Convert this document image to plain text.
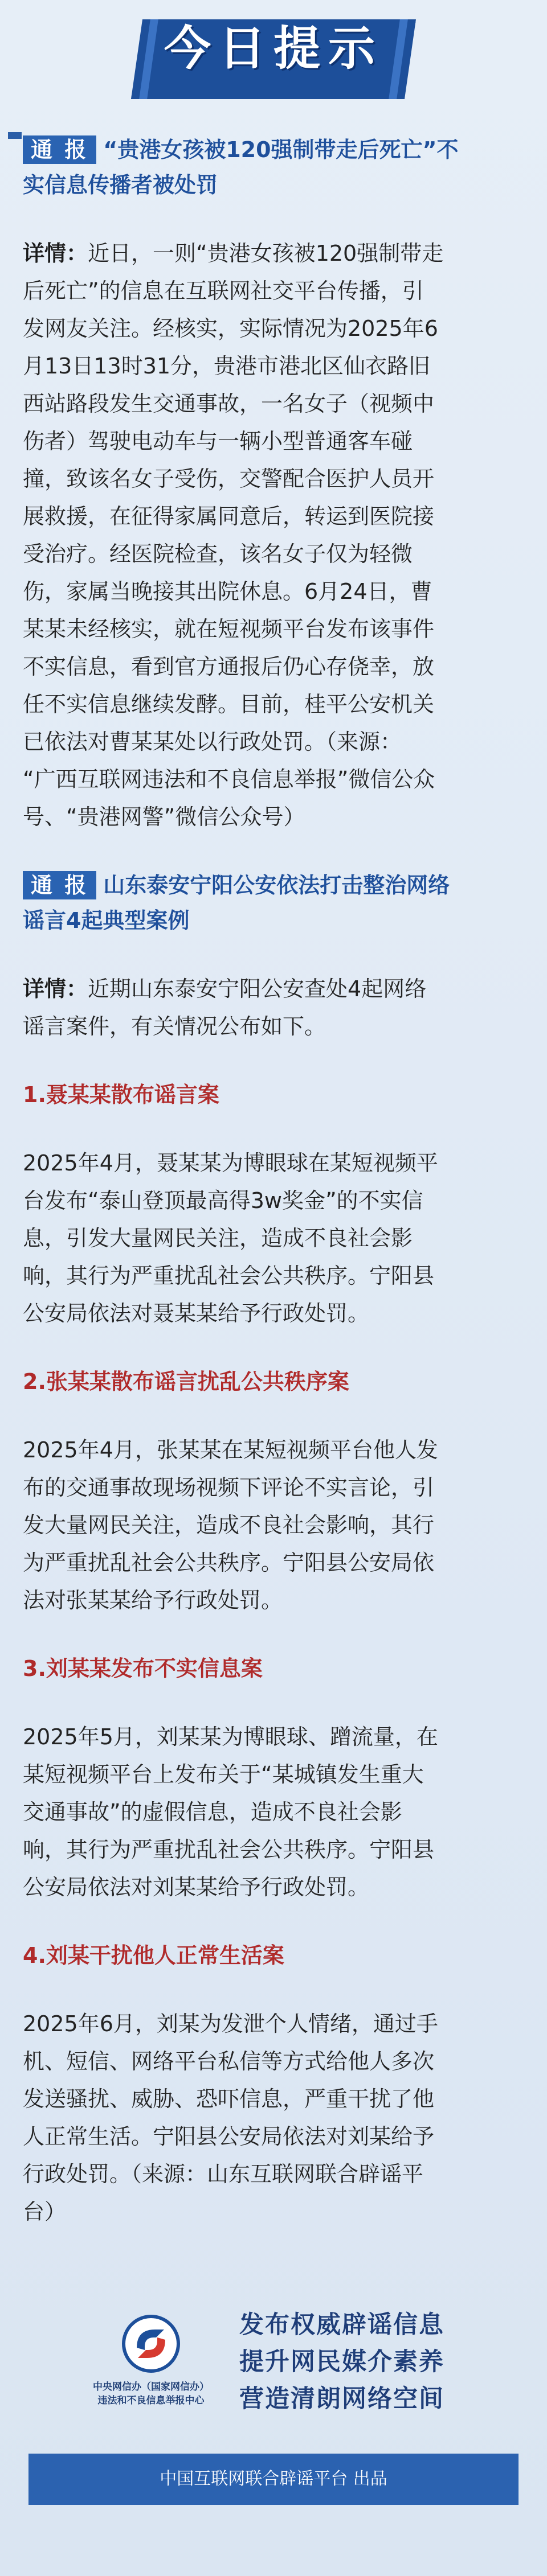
今日提示
通 报 “贵港女孩被120强制带走后死亡”不
实信息传播者被处罚

详情：近日，一则“贵港女孩被120强制带走
后死亡”的信息在互联网社交平台传播，引
发网友关注。经核实，实际情况为2025年6
月13日13时31分，贵港市港北区仙衣路旧
西站路段发生交通事故，一名女子（视频中
伤者）驾驶电动车与一辆小型普通客车碰
撞，致该名女子受伤，交警配合医护人员开
展救援，在征得家属同意后，转运到医院接
受治疗。经医院检查，该名女子仅为轻微
伤，家属当晚接其出院休息。6月24日，曹
某某未经核实，就在短视频平台发布该事件
不实信息，看到官方通报后仍心存侥幸，放
任不实信息继续发酵。目前，桂平公安机关
已依法对曹某某处以行政处罚。（来源：
“广西互联网违法和不良信息举报”微信公众
号、“贵港网警”微信公众号）

通 报 山东泰安宁阳公安依法打击整治网络
谣言4起典型案例

详情：近期山东泰安宁阳公安查处4起网络
谣言案件，有关情况公布如下。

1.聂某某散布谣言案

2025年4月，聂某某为博眼球在某短视频平
台发布“泰山登顶最高得3w奖金”的不实信
息，引发大量网民关注，造成不良社会影
响，其行为严重扰乱社会公共秩序。宁阳县
公安局依法对聂某某给予行政处罚。

2.张某某散布谣言扰乱公共秩序案

2025年4月，张某某在某短视频平台他人发
布的交通事故现场视频下评论不实言论，引
发大量网民关注，造成不良社会影响，其行
为严重扰乱社会公共秩序。宁阳县公安局依
法对张某某给予行政处罚。

3.刘某某发布不实信息案

2025年5月，刘某某为博眼球、蹭流量，在
某短视频平台上发布关于“某城镇发生重大
交通事故”的虚假信息，造成不良社会影
响，其行为严重扰乱社会公共秩序。宁阳县
公安局依法对刘某某给予行政处罚。

4.刘某干扰他人正常生活案

2025年6月，刘某为发泄个人情绪，通过手
机、短信、网络平台私信等方式给他人多次
发送骚扰、威胁、恐吓信息，严重干扰了他
人正常生活。宁阳县公安局依法对刘某给予
行政处罚。（来源：山东互联网联合辟谣平
台）

中央网信办（国家网信办）
违法和不良信息举报中心
发布权威辟谣信息
提升网民媒介素养
营造清朗网络空间
中国互联网联合辟谣平台 出品
